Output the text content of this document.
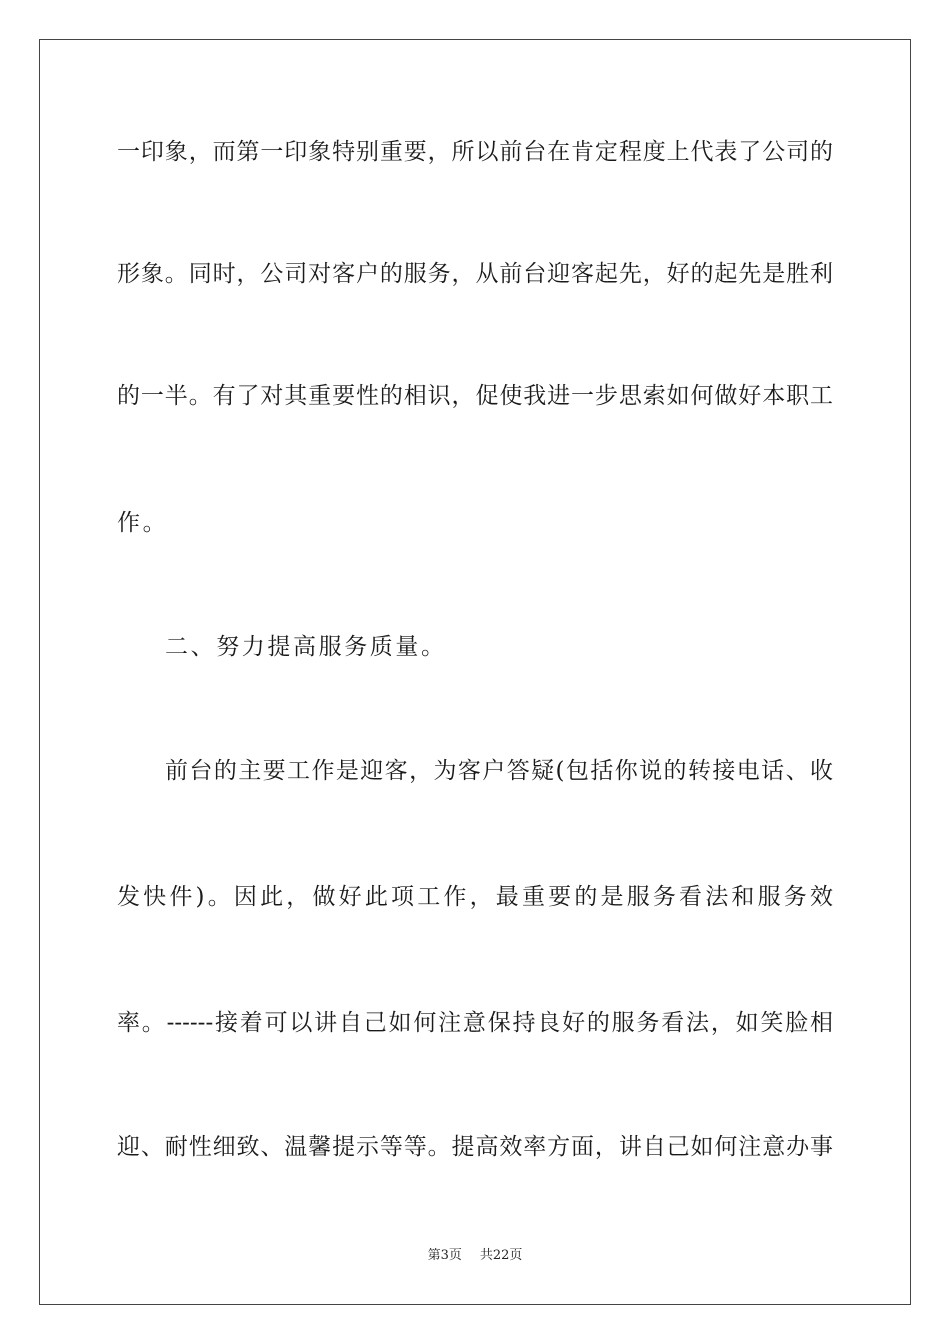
一印象，而第一印象特别重要，所以前台在肯定程度上代表了公司的
形象。同时，公司对客户的服务，从前台迎客起先，好的起先是胜利
的一半。有了对其重要性的相识，促使我进一步思索如何做好本职工
作。
二、努力提高服务质量。
前台的主要工作是迎客，为客户答疑(包括你说的转接电话、收
发快件)。因此，做好此项工作，最重要的是服务看法和服务效
率。------接着可以讲自己如何注意保持良好的服务看法，如笑脸相
迎、耐性细致、温馨提示等等。提高效率方面，讲自己如何注意办事
第3页 共22页
